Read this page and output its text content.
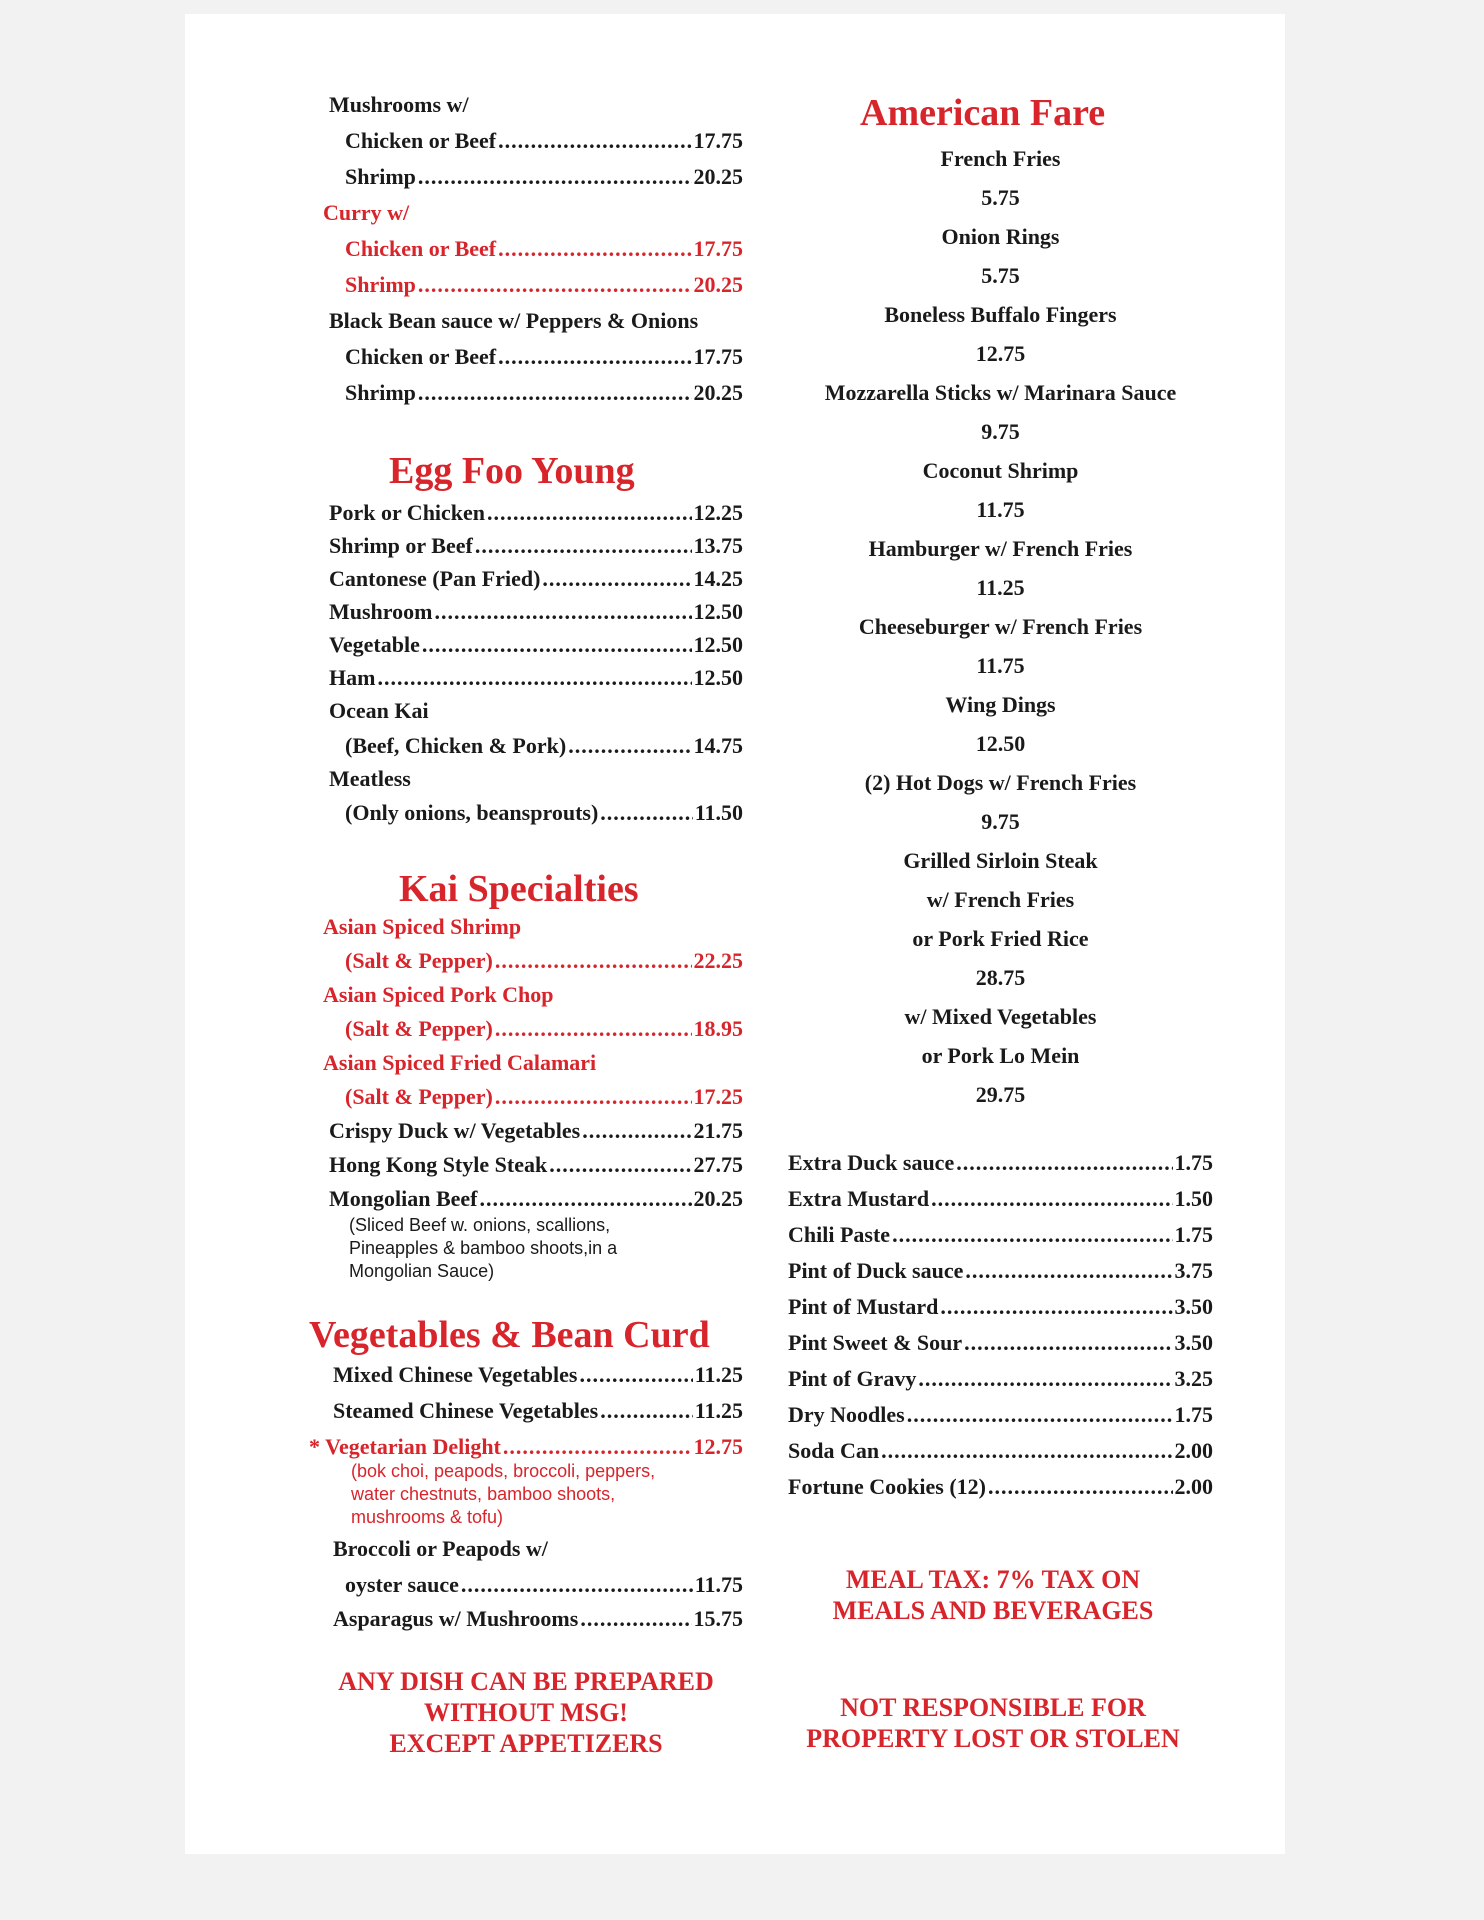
Mushrooms w/
Chicken or Beef .....	17.75
Shrimp .....	20.25
Curry w/
Chicken or Beef .....	17.75
Shrimp .....	20.25
Black Bean sauce w/ Peppers & Onions
Chicken or Beef .....	17.75
Shrimp .....	20.25
Egg Foo Young
Pork or Chicken .....	12.25
Shrimp or Beef .....	13.75
Cantonese (Pan Fried) .....	14.25
Mushroom .....	12.50
Vegetable .....	12.50
Ham .....	12.50
Ocean Kai
(Beef, Chicken & Pork) .....	14.75
Meatless
(Only onions, beansprouts) .....	11.50
Kai Specialties
Asian Spiced Shrimp
(Salt & Pepper) .....	22.25
Asian Spiced Pork Chop
(Salt & Pepper) .....	18.95
Asian Spiced Fried Calamari
(Salt & Pepper) .....	17.25
Crispy Duck w/ Vegetables .....	21.75
Hong Kong Style Steak .....	27.75
Mongolian Beef .....	20.25
(Sliced Beef w. onions, scallions,
Pineapples & bamboo shoots,in a
Mongolian Sauce)
Vegetables & Bean Curd
Mixed Chinese Vegetables .....	11.25
Steamed Chinese Vegetables .....	11.25
* Vegetarian Delight .....	12.75
(bok choi, peapods, broccoli, peppers,
water chestnuts, bamboo shoots,
mushrooms & tofu)
Broccoli or Peapods w/
oyster sauce .....	11.75
Asparagus w/ Mushrooms .....	15.75
ANY DISH CAN BE PREPARED
WITHOUT MSG!
EXCEPT APPETIZERS
American Fare
French Fries
5.75
Onion Rings
5.75
Boneless Buffalo Fingers
12.75
Mozzarella Sticks w/ Marinara Sauce
9.75
Coconut Shrimp
11.75
Hamburger w/ French Fries
11.25
Cheeseburger w/ French Fries
11.75
Wing Dings
12.50
(2) Hot Dogs w/ French Fries
9.75
Grilled Sirloin Steak
w/ French Fries
or Pork Fried Rice
28.75
w/ Mixed Vegetables
or Pork Lo Mein
29.75
Extra Duck sauce .....	1.75
Extra Mustard .....	1.50
Chili Paste .....	1.75
Pint of Duck sauce .....	3.75
Pint of Mustard .....	3.50
Pint Sweet & Sour .....	3.50
Pint of Gravy .....	3.25
Dry Noodles .....	1.75
Soda Can .....	2.00
Fortune Cookies (12) .....	2.00
MEAL TAX: 7% TAX ON
MEALS AND BEVERAGES
NOT RESPONSIBLE FOR
PROPERTY LOST OR STOLEN
